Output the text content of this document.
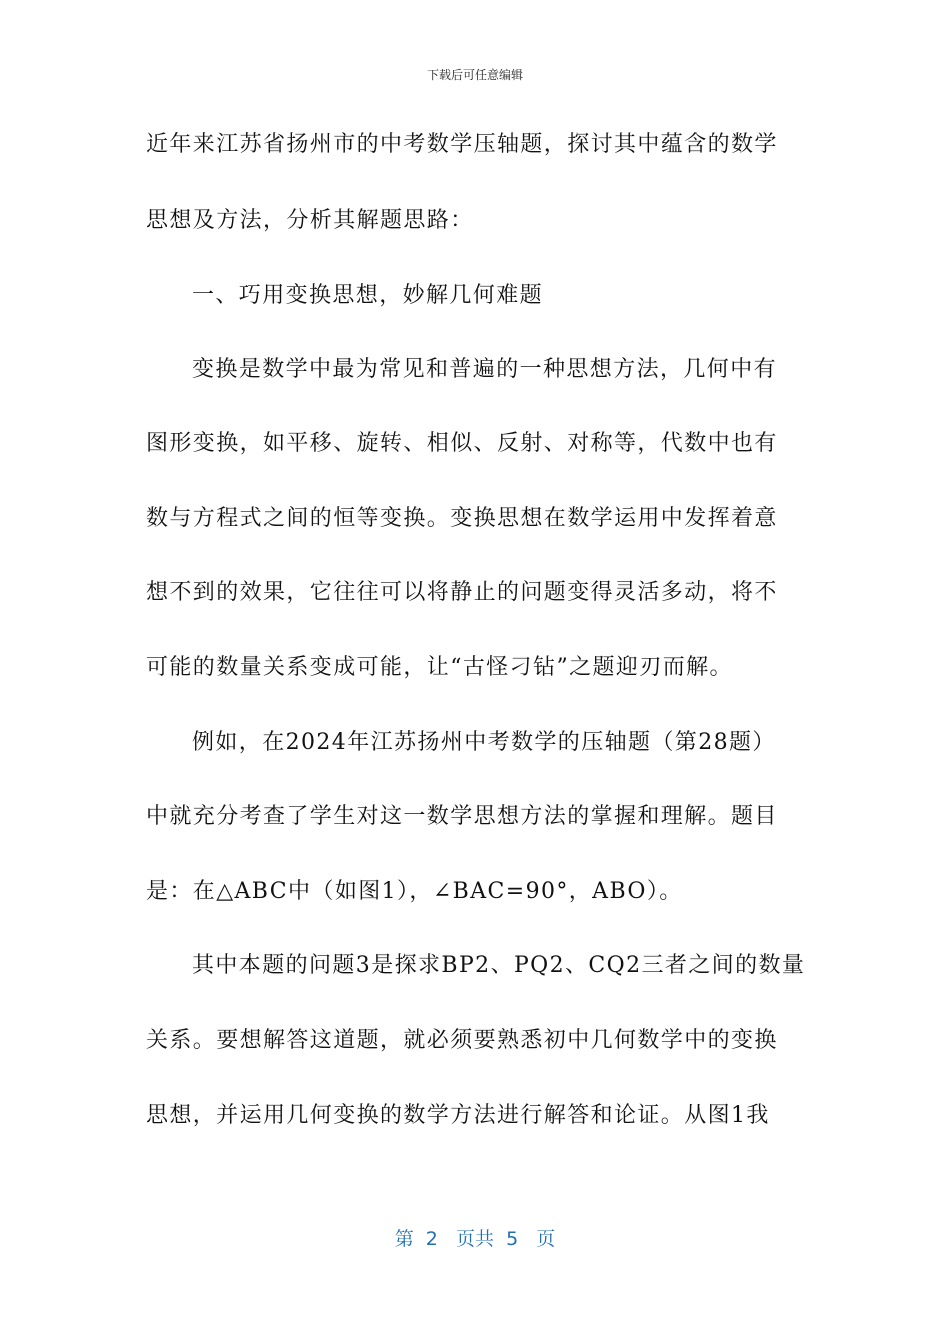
下载后可任意编辑
近年来江苏省扬州市的中考数学压轴题，探讨其中蕴含的数学
思想及方法，分析其解题思路：
一、巧用变换思想，妙解几何难题
变换是数学中最为常见和普遍的一种思想方法，几何中有
图形变换，如平移、旋转、相似、反射、对称等，代数中也有
数与方程式之间的恒等变换。变换思想在数学运用中发挥着意
想不到的效果，它往往可以将静止的问题变得灵活多动，将不
可能的数量关系变成可能，让“古怪刁钻”之题迎刃而解。
例如，在2024年江苏扬州中考数学的压轴题（第28题）
中就充分考查了学生对这一数学思想方法的掌握和理解。题目
是：在△ABC中（如图1），∠BAC=90°，ABO）。
其中本题的问题3是探求BP2、PQ2、CQ2三者之间的数量
关系。要想解答这道题，就必须要熟悉初中几何数学中的变换
思想，并运用几何变换的数学方法进行解答和论证。从图1我
第  2   页共  5   页
